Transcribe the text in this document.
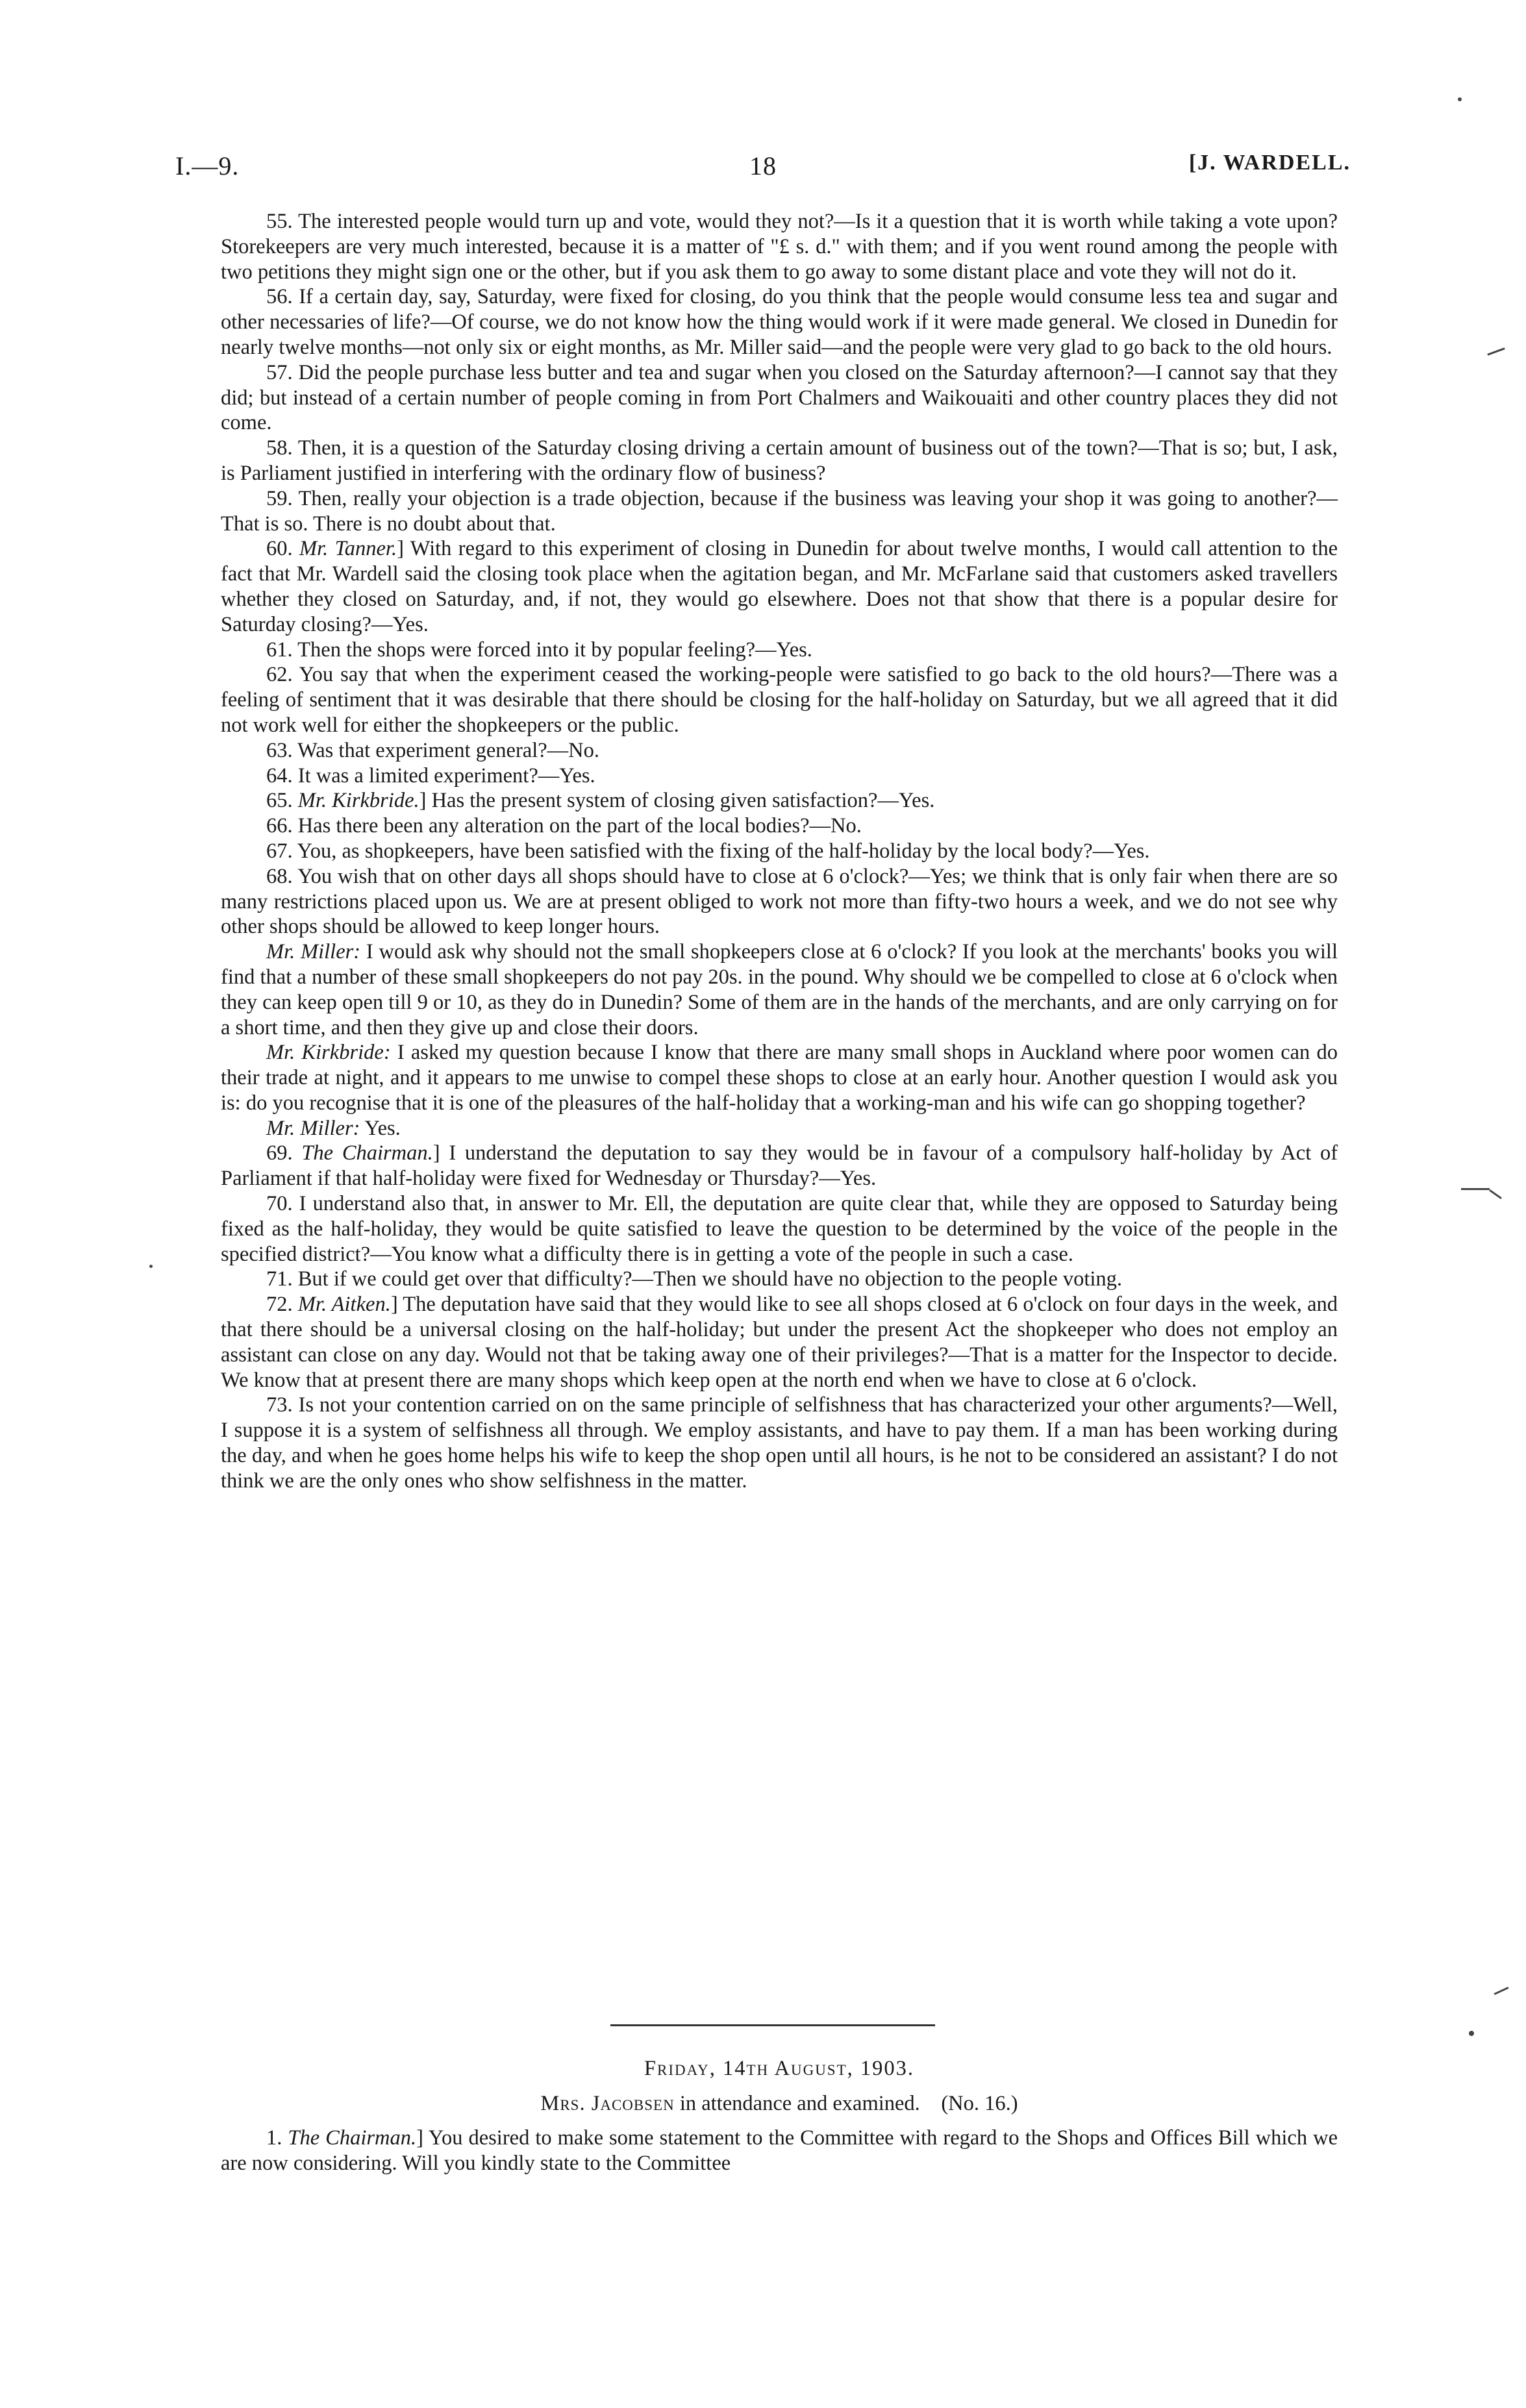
I.—9.	18	[J. WARDELL.

55. The interested people would turn up and vote, would they not?—Is it a question that it is worth while taking a vote upon? Storekeepers are very much interested, because it is a matter of "£ s. d." with them; and if you went round among the people with two petitions they might sign one or the other, but if you ask them to go away to some distant place and vote they will not do it.

56. If a certain day, say, Saturday, were fixed for closing, do you think that the people would consume less tea and sugar and other necessaries of life?—Of course, we do not know how the thing would work if it were made general. We closed in Dunedin for nearly twelve months—not only six or eight months, as Mr. Miller said—and the people were very glad to go back to the old hours.

57. Did the people purchase less butter and tea and sugar when you closed on the Saturday afternoon?—I cannot say that they did; but instead of a certain number of people coming in from Port Chalmers and Waikouaiti and other country places they did not come.

58. Then, it is a question of the Saturday closing driving a certain amount of business out of the town?—That is so; but, I ask, is Parliament justified in interfering with the ordinary flow of business?

59. Then, really your objection is a trade objection, because if the business was leaving your shop it was going to another?—That is so. There is no doubt about that.

60. Mr. Tanner.] With regard to this experiment of closing in Dunedin for about twelve months, I would call attention to the fact that Mr. Wardell said the closing took place when the agitation began, and Mr. McFarlane said that customers asked travellers whether they closed on Saturday, and, if not, they would go elsewhere. Does not that show that there is a popular desire for Saturday closing?—Yes.

61. Then the shops were forced into it by popular feeling?—Yes.

62. You say that when the experiment ceased the working-people were satisfied to go back to the old hours?—There was a feeling of sentiment that it was desirable that there should be closing for the half-holiday on Saturday, but we all agreed that it did not work well for either the shopkeepers or the public.

63. Was that experiment general?—No.

64. It was a limited experiment?—Yes.

65. Mr. Kirkbride.] Has the present system of closing given satisfaction?—Yes.

66. Has there been any alteration on the part of the local bodies?—No.

67. You, as shopkeepers, have been satisfied with the fixing of the half-holiday by the local body?—Yes.

68. You wish that on other days all shops should have to close at 6 o'clock?—Yes; we think that is only fair when there are so many restrictions placed upon us. We are at present obliged to work not more than fifty-two hours a week, and we do not see why other shops should be allowed to keep longer hours.

Mr. Miller: I would ask why should not the small shopkeepers close at 6 o'clock? If you look at the merchants' books you will find that a number of these small shopkeepers do not pay 20s. in the pound. Why should we be compelled to close at 6 o'clock when they can keep open till 9 or 10, as they do in Dunedin? Some of them are in the hands of the merchants, and are only carrying on for a short time, and then they give up and close their doors.

Mr. Kirkbride: I asked my question because I know that there are many small shops in Auckland where poor women can do their trade at night, and it appears to me unwise to compel these shops to close at an early hour. Another question I would ask you is: do you recognise that it is one of the pleasures of the half-holiday that a working-man and his wife can go shopping together?

Mr. Miller: Yes.

69. The Chairman.] I understand the deputation to say they would be in favour of a compulsory half-holiday by Act of Parliament if that half-holiday were fixed for Wednesday or Thursday?—Yes.

70. I understand also that, in answer to Mr. Ell, the deputation are quite clear that, while they are opposed to Saturday being fixed as the half-holiday, they would be quite satisfied to leave the question to be determined by the voice of the people in the specified district?—You know what a difficulty there is in getting a vote of the people in such a case.

71. But if we could get over that difficulty?—Then we should have no objection to the people voting.

72. Mr. Aitken.] The deputation have said that they would like to see all shops closed at 6 o'clock on four days in the week, and that there should be a universal closing on the half-holiday; but under the present Act the shopkeeper who does not employ an assistant can close on any day. Would not that be taking away one of their privileges?—That is a matter for the Inspector to decide. We know that at present there are many shops which keep open at the north end when we have to close at 6 o'clock.

73. Is not your contention carried on on the same principle of selfishness that has characterized your other arguments?—Well, I suppose it is a system of selfishness all through. We employ assistants, and have to pay them. If a man has been working during the day, and when he goes home helps his wife to keep the shop open until all hours, is he not to be considered an assistant? I do not think we are the only ones who show selfishness in the matter.

Friday, 14th August, 1903.
Mrs. Jacobsen in attendance and examined. (No. 16.)

1. The Chairman.] You desired to make some statement to the Committee with regard to the Shops and Offices Bill which we are now considering. Will you kindly state to the Committee
